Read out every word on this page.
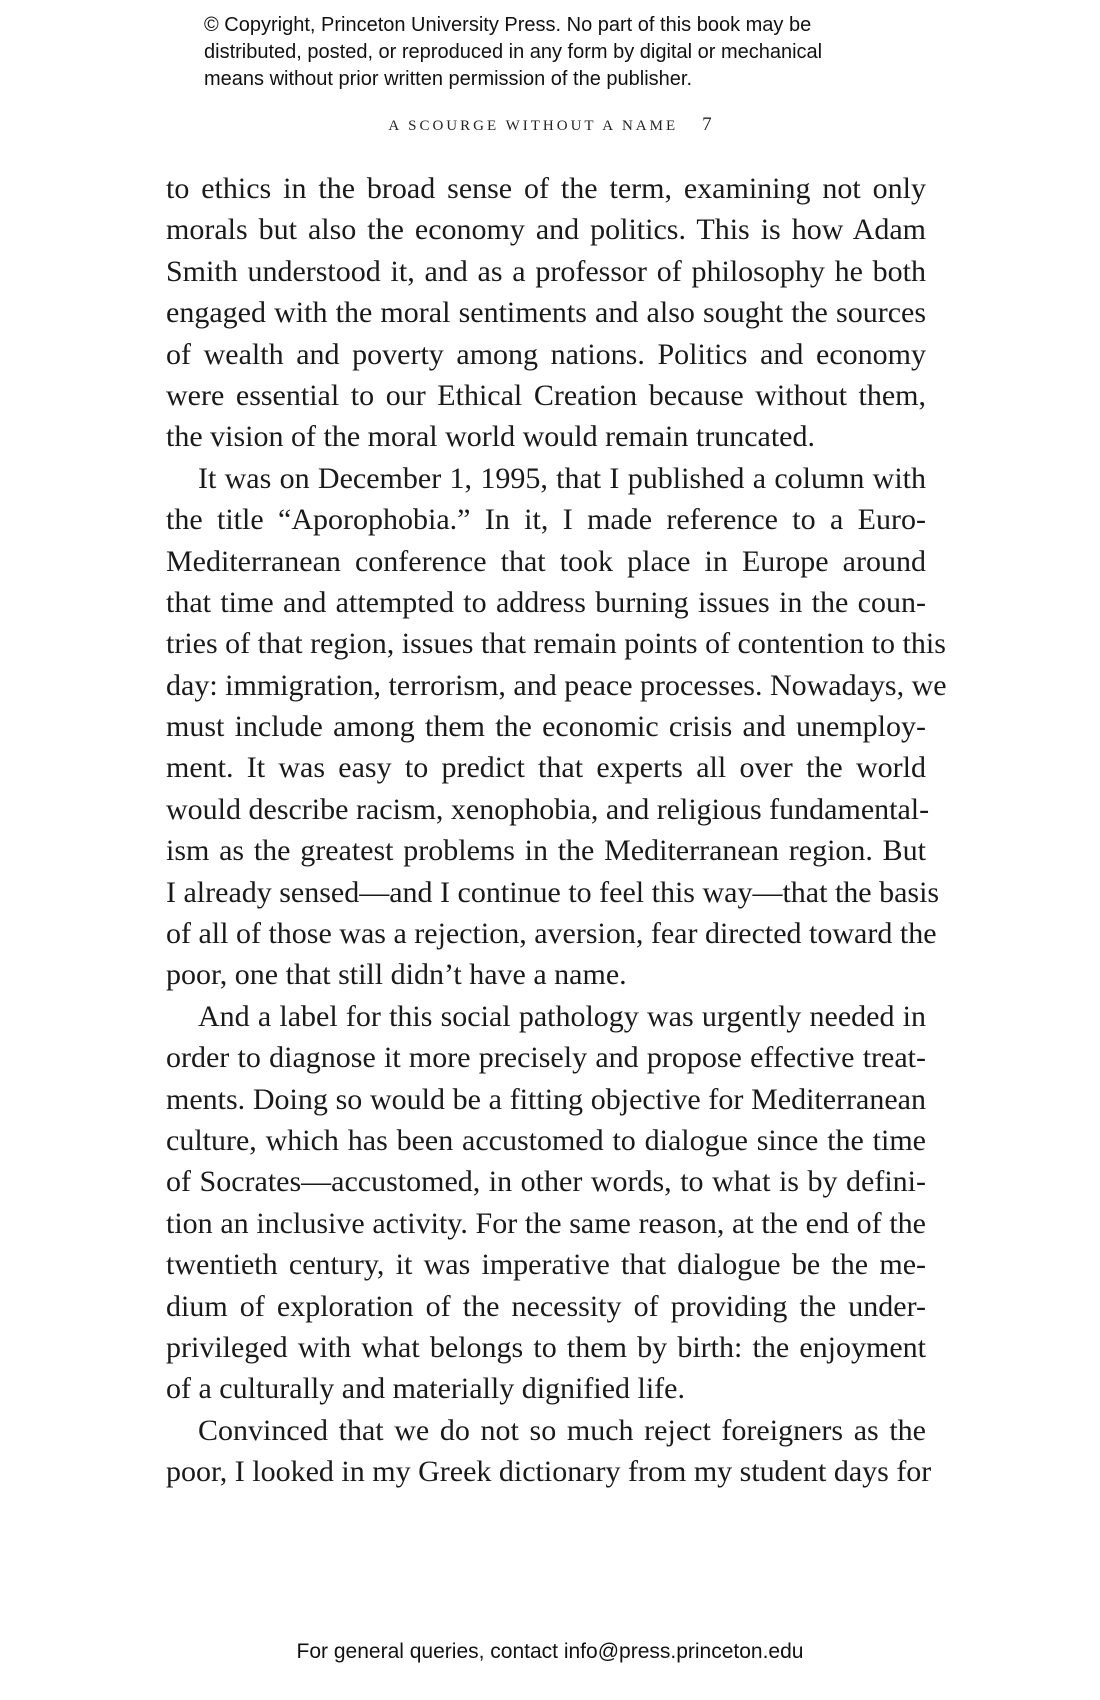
© Copyright, Princeton University Press. No part of this book may be
distributed, posted, or reproduced in any form by digital or mechanical
means without prior written permission of the publisher.
A SCOURGE WITHOUT A NAME 7
to ethics in the broad sense of the term, examining not only
morals but also the economy and politics. This is how Adam
Smith understood it, and as a professor of philosophy he both
engaged with the moral sentiments and also sought the sources
of wealth and poverty among nations. Politics and economy
were essential to our Ethical Creation because without them,
the vision of the moral world would remain truncated.
It was on December 1, 1995, that I published a column with
the title “Aporophobia.” In it, I made reference to a Euro-
Mediterranean conference that took place in Europe around
that time and attempted to address burning issues in the coun-
tries of that region, issues that remain points of contention to this
day: immigration, terrorism, and peace processes. Nowadays, we
must include among them the economic crisis and unemploy-
ment. It was easy to predict that experts all over the world
would describe racism, xenophobia, and religious fundamental-
ism as the greatest problems in the Mediterranean region. But
I already sensed—and I continue to feel this way—that the basis
of all of those was a rejection, aversion, fear directed toward the
poor, one that still didn’t have a name.
And a label for this social pathology was urgently needed in
order to diagnose it more precisely and propose effective treat-
ments. Doing so would be a fitting objective for Mediterranean
culture, which has been accustomed to dialogue since the time
of Socrates—accustomed, in other words, to what is by defini-
tion an inclusive activity. For the same reason, at the end of the
twentieth century, it was imperative that dialogue be the me-
dium of exploration of the necessity of providing the under-
privileged with what belongs to them by birth: the enjoyment
of a culturally and materially dignified life.
Convinced that we do not so much reject foreigners as the
poor, I looked in my Greek dictionary from my student days for
For general queries, contact info@press.princeton.edu
